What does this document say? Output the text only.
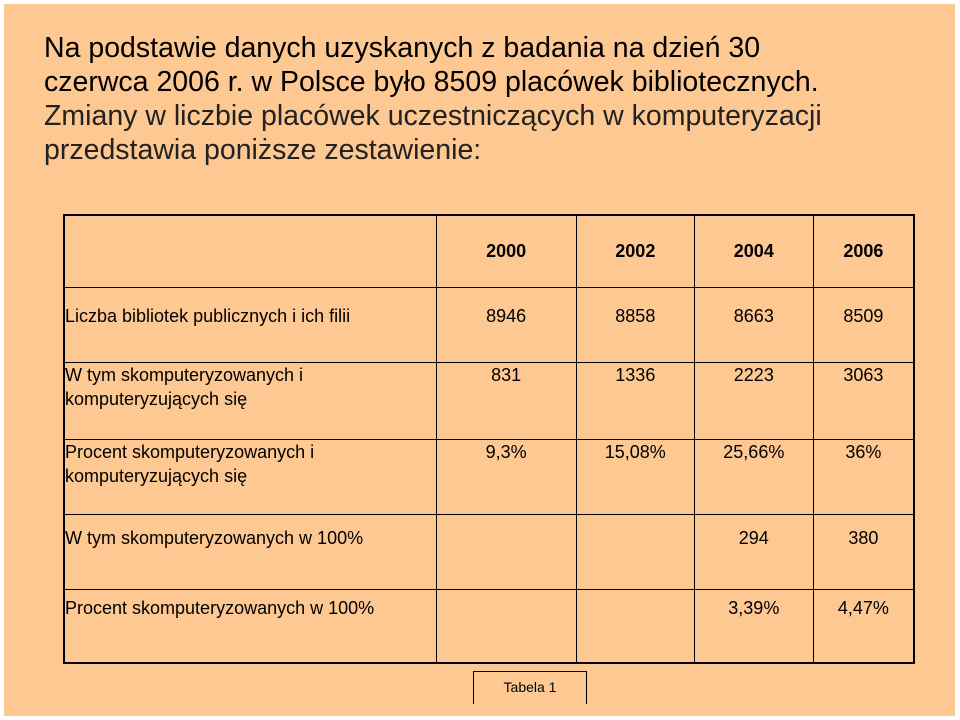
Na podstawie danych uzyskanych z badania na dzień 30

czerwca 2006 r. w Polsce było 8509 placówek bibliotecznych.

Zmiany w liczbie placówek uczestniczących w komputeryzacji

przedstawia poniższe zestawienie:

	2000	2002	2004	2006
Liczba bibliotek publicznych i ich filii	8946	8858	8663	8509
W tym skomputeryzowanych i komputeryzujących się	831	1336	2223	3063
Procent skomputeryzowanych i komputeryzujących się	9,3%	15,08%	25,66%	36%
W tym skomputeryzowanych w 100%			294	380
Procent skomputeryzowanych w 100%			3,39%	4,47%
Tabela 1
